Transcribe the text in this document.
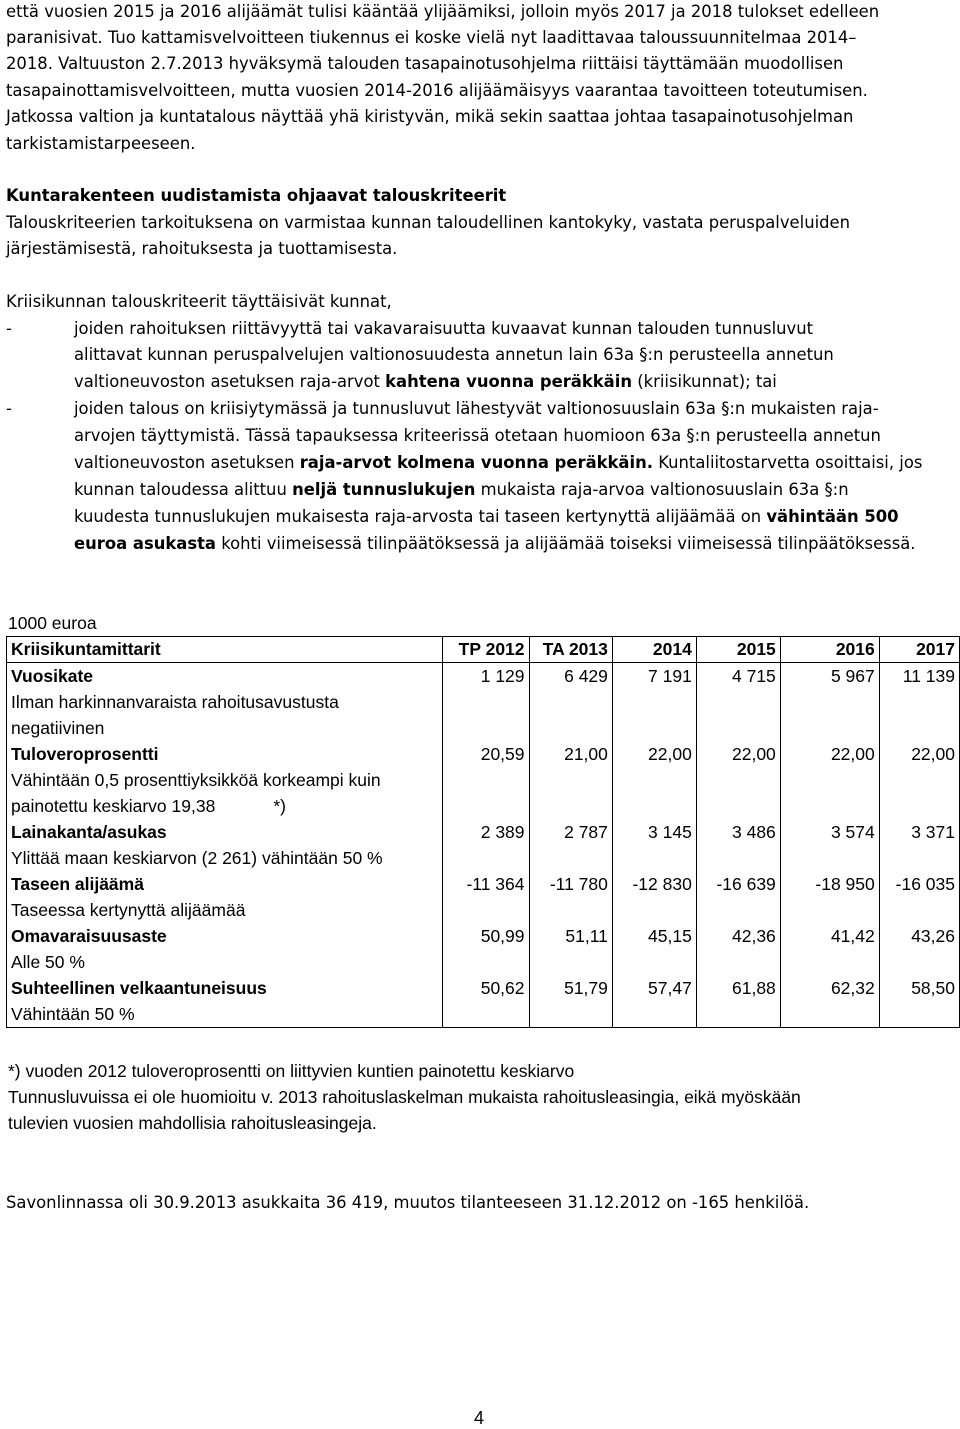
että vuosien 2015 ja 2016 alijäämät tulisi kääntää ylijäämiksi, jolloin myös 2017 ja 2018 tulokset edelleen
paranisivat. Tuo kattamisvelvoitteen tiukennus ei koske vielä nyt laadittavaa taloussuunnitelmaa 2014–
2018. Valtuuston 2.7.2013 hyväksymä talouden tasapainotusohjelma riittäisi täyttämään muodollisen
tasapainottamisvelvoitteen, mutta vuosien 2014-2016 alijäämäisyys vaarantaa tavoitteen toteutumisen.
Jatkossa valtion ja kuntatalous näyttää yhä kiristyvän, mikä sekin saattaa johtaa tasapainotusohjelman
tarkistamistarpeeseen.
Kuntarakenteen uudistamista ohjaavat talouskriteerit
Talouskriteerien tarkoituksena on varmistaa kunnan taloudellinen kantokyky, vastata peruspalveluiden
järjestämisestä, rahoituksesta ja tuottamisesta.
Kriisikunnan talouskriteerit täyttäisivät kunnat,
-	joiden rahoituksen riittävyyttä tai vakavaraisuutta kuvaavat kunnan talouden tunnusluvut
alittavat kunnan peruspalvelujen valtionosuudesta annetun lain 63a §:n perusteella annetun
valtioneuvoston asetuksen raja-arvot kahtena vuonna peräkkäin (kriisikunnat); tai
-	joiden talous on kriisiytymässä ja tunnusluvut lähestyvät valtionosuuslain 63a §:n mukaisten raja-
arvojen täyttymistä. Tässä tapauksessa kriteerissä otetaan huomioon 63a §:n perusteella annetun
valtioneuvoston asetuksen raja-arvot kolmena vuonna peräkkäin. Kuntaliitostarvetta osoittaisi, jos
kunnan taloudessa alittuu neljä tunnuslukujen mukaista raja-arvoa valtionosuuslain 63a §:n
kuudesta tunnuslukujen mukaisesta raja-arvosta tai taseen kertynyttä alijäämää on vähintään 500
euroa asukasta kohti viimeisessä tilinpäätöksessä ja alijäämää toiseksi viimeisessä tilinpäätöksessä.
1000 euroa
Kriisikuntamittarit	TP 2012	TA 2013	2014	2015	2016	2017
Vuosikate	1 129	6 429	7 191	4 715	5 967	11 139
Ilman harkinnanvaraista rahoitusavustusta						
negatiivinen						
Tuloveroprosentti	20,59	21,00	22,00	22,00	22,00	22,00
Vähintään 0,5 prosenttiyksikköä korkeampi kuin						
painotettu keskiarvo 19,38 *)						
Lainakanta/asukas	2 389	2 787	3 145	3 486	3 574	3 371
Ylittää maan keskiarvon (2 261) vähintään 50 %						
Taseen alijäämä	-11 364	-11 780	-12 830	-16 639	-18 950	-16 035
Taseessa kertynyttä alijäämää						
Omavaraisuusaste	50,99	51,11	45,15	42,36	41,42	43,26
Alle 50 %						
Suhteellinen velkaantuneisuus	50,62	51,79	57,47	61,88	62,32	58,50
Vähintään 50 %						
*) vuoden 2012 tuloveroprosentti on liittyvien kuntien painotettu keskiarvo
Tunnusluvuissa ei ole huomioitu v. 2013 rahoituslaskelman mukaista rahoitusleasingia, eikä myöskään
tulevien vuosien mahdollisia rahoitusleasingeja.
Savonlinnassa oli 30.9.2013 asukkaita 36 419, muutos tilanteeseen 31.12.2012 on -165 henkilöä.
4
